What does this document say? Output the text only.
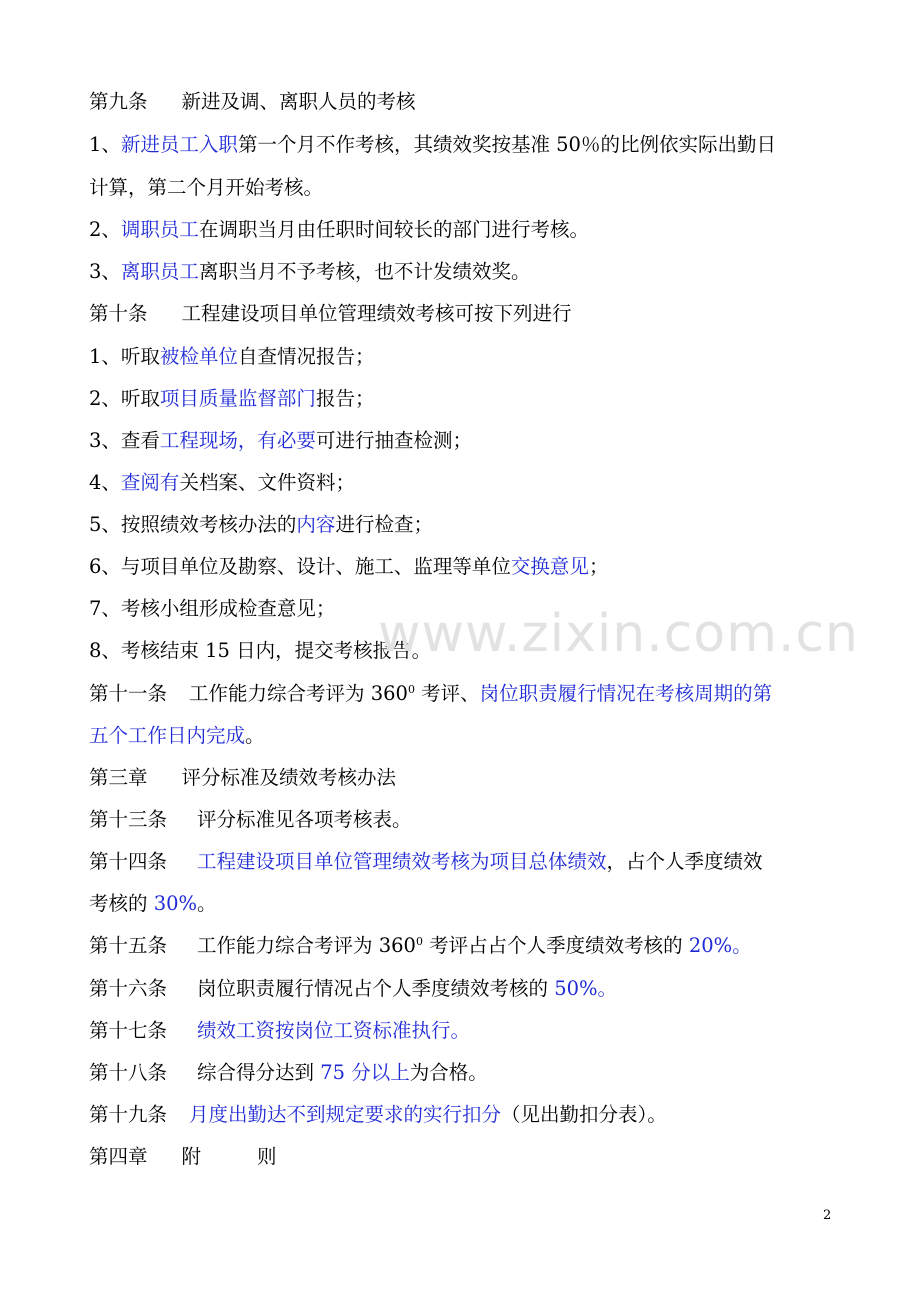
第九条 新进及调、离职人员的考核
1、新进员工入职第一个月不作考核，其绩效奖按基准 50％的比例依实际出勤日
计算，第二个月开始考核。
2、调职员工在调职当月由任职时间较长的部门进行考核。
3、离职员工离职当月不予考核，也不计发绩效奖。
第十条 工程建设项目单位管理绩效考核可按下列进行
1、听取被检单位自查情况报告；
2、听取项目质量监督部门报告；
3、查看工程现场，有必要可进行抽查检测；
4、查阅有关档案、文件资料；
5、按照绩效考核办法的内容进行检查；
6、与项目单位及勘察、设计、施工、监理等单位交换意见；
7、考核小组形成检查意见；
8、考核结束 15 日内，提交考核报告。
第十一条 工作能力综合考评为 $360^0$ 考评、岗位职责履行情况在考核周期的第
五个工作日内完成。
第三章 评分标准及绩效考核办法
第十三条 评分标准见各项考核表。
第十四条 工程建设项目单位管理绩效考核为项目总体绩效，占个人季度绩效
考核的 30%。
第十五条 工作能力综合考评为 $360^0$ 考评占占个人季度绩效考核的 20%。
第十六条 岗位职责履行情况占个人季度绩效考核的 50%。
第十七条 绩效工资按岗位工资标准执行。
第十八条 综合得分达到 75 分以上为合格。
第十九条 月度出勤达不到规定要求的实行扣分（见出勤扣分表）。
第四章 附	则
www.zixin.com.cn
2
